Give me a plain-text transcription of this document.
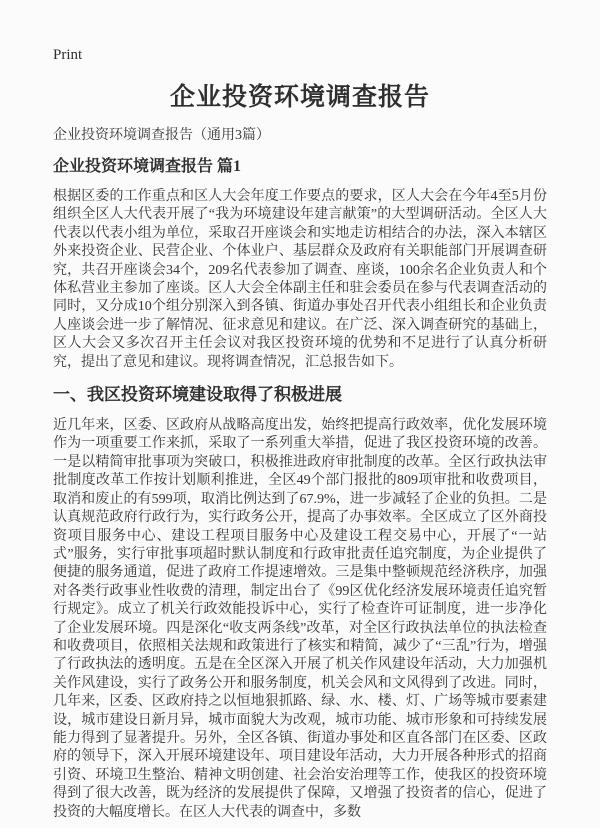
Print
企业投资环境调查报告

企业投资环境调查报告（通用3篇）

企业投资环境调查报告 篇1

根据区委的工作重点和区人大会年度工作要点的要求，区人大会在今年4至5月份组织全区人大代表开展了“我为环境建设年建言献策”的大型调研活动。全区人大代表以代表小组为单位，采取召开座谈会和实地走访相结合的办法，深入本辖区外来投资企业、民营企业、个体业户、基层群众及政府有关职能部门开展调查研究，共召开座谈会34个，209名代表参加了调查、座谈，100余名企业负责人和个体私营业主参加了座谈。区人大会全体副主任和驻会委员在参与代表调查活动的同时，又分成10个组分别深入到各镇、街道办事处召开代表小组组长和企业负责人座谈会进一步了解情况、征求意见和建议。在广泛、深入调查研究的基础上，区人大会又多次召开主任会议对我区投资环境的优势和不足进行了认真分析研究，提出了意见和建议。现将调查情况，汇总报告如下。

一、我区投资环境建设取得了积极进展

近几年来，区委、区政府从战略高度出发，始终把提高行政效率，优化发展环境作为一项重要工作来抓，采取了一系列重大举措，促进了我区投资环境的改善。一是以精简审批事项为突破口，积极推进政府审批制度的改革。全区行政执法审批制度改革工作按计划顺利推进，全区49个部门报批的809项审批和收费项目，取消和废止的有599项，取消比例达到了67.9%，进一步减轻了企业的负担。二是认真规范政府行政行为，实行政务公开，提高了办事效率。全区成立了区外商投资项目服务中心、建设工程项目服务中心及建设工程交易中心，开展了“一站式”服务，实行审批事项超时默认制度和行政审批责任追究制度，为企业提供了便捷的服务通道，促进了政府工作提速增效。三是集中整顿规范经济秩序，加强对各类行政事业性收费的清理，制定出台了《99区优化经济发展环境责任追究暂行规定》。成立了机关行政效能投诉中心，实行了检查许可证制度，进一步净化了企业发展环境。四是深化“收支两条线”改革，对全区行政执法单位的执法检查和收费项目，依照相关法规和政策进行了核实和精简，减少了“三乱”行为，增强了行政执法的透明度。五是在全区深入开展了机关作风建设年活动，大力加强机关作风建设，实行了政务公开和服务制度，机关会风和文风得到了改进。同时，几年来，区委、区政府持之以恒地狠抓路、绿、水、楼、灯、广场等城市要素建设，城市建设日新月异，城市面貌大为改观，城市功能、城市形象和可持续发展能力得到了显著提升。另外，全区各镇、街道办事处和区直各部门在区委、区政府的领导下，深入开展环境建设年、项目建设年活动，大力开展各种形式的招商引资、环境卫生整治、精神文明创建、社会治安治理等工作，使我区的投资环境得到了很大改善，既为经济的发展提供了保障，又增强了投资者的信心，促进了投资的大幅度增长。在区人大代表的调查中，多数
